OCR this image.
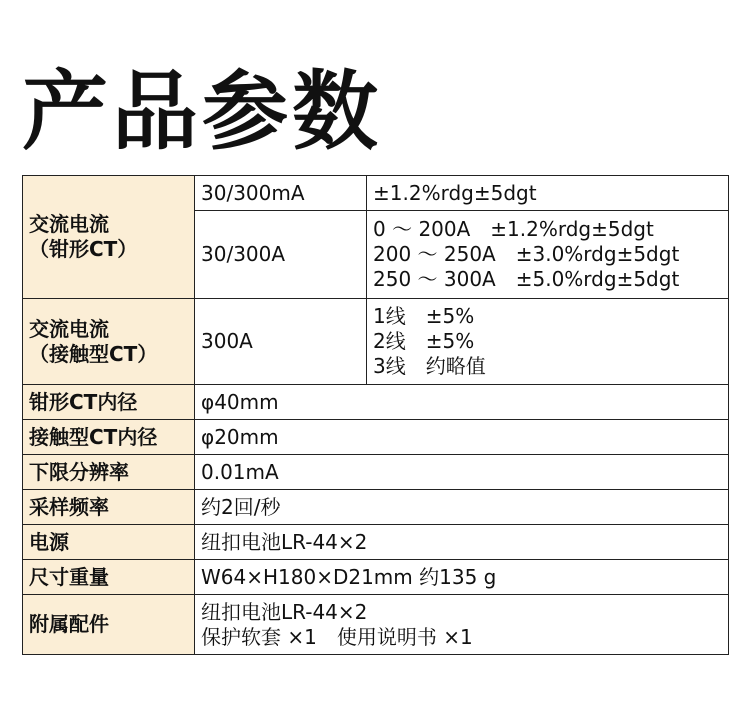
产品参数
交流电流
（钳形CT）	30/300mA	±1.2%rdg±5dgt
	30/300A	0 ～ 200A　±1.2%rdg±5dgt
200 ～ 250A　±3.0%rdg±5dgt
250 ～ 300A　±5.0%rdg±5dgt

交流电流
（接触型CT）	300A	1线　±5%
2线　±5%
3线　约略值

钳形CT内径	φ40mm	
接触型CT内径	φ20mm	
下限分辨率	0.01mA	
采样频率	约2回/秒	
电源	纽扣电池LR-44×2	
尺寸重量	W64×H180×D21mm 约135 g	
附属配件	纽扣电池LR-44×2
保护软套 ×1　使用说明书 ×1	
